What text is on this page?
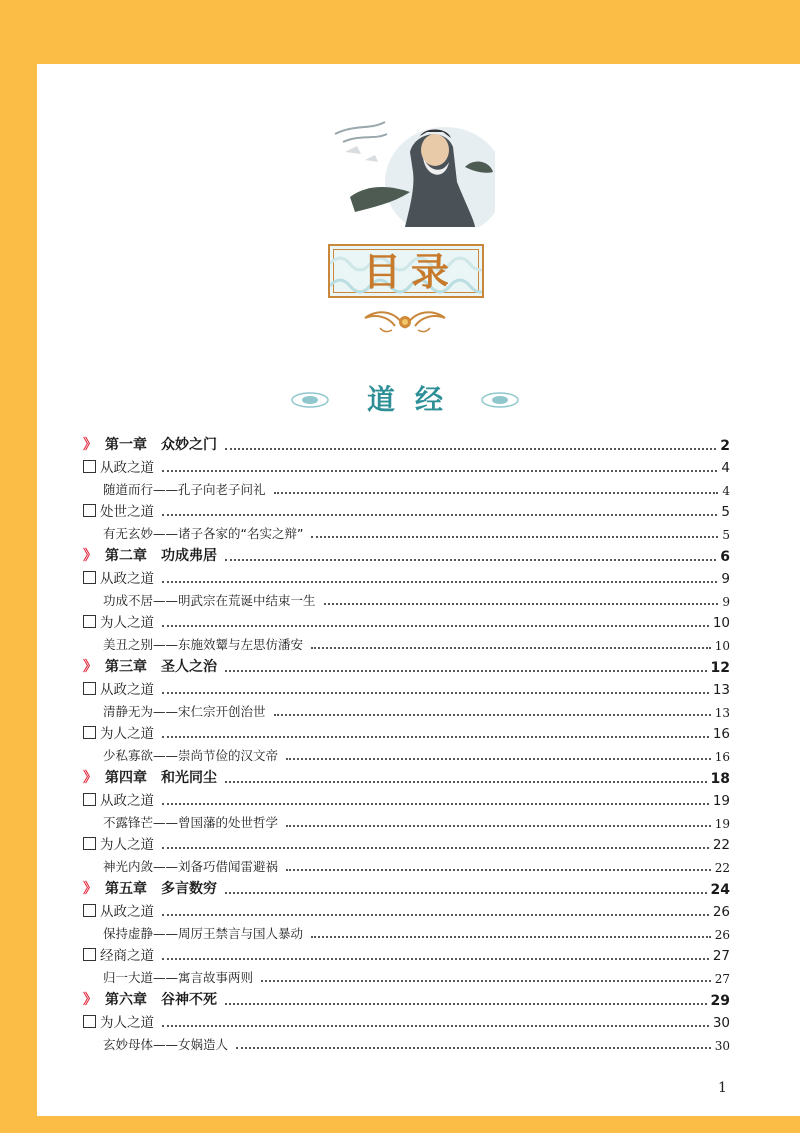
目录
道经
》 第一章 众妙之门	2
从政之道	4
随道而行——孔子向老子问礼	4
处世之道	5
有无玄妙——诸子各家的“名实之辩”	5
》 第二章 功成弗居	6
从政之道	9
功成不居——明武宗在荒诞中结束一生	9
为人之道	10
美丑之别——东施效颦与左思仿潘安	10
》 第三章 圣人之治	12
从政之道	13
清静无为——宋仁宗开创治世	13
为人之道	16
少私寡欲——崇尚节俭的汉文帝	16
》 第四章 和光同尘	18
从政之道	19
不露锋芒——曾国藩的处世哲学	19
为人之道	22
神光内敛——刘备巧借闻雷避祸	22
》 第五章 多言数穷	24
从政之道	26
保持虚静——周厉王禁言与国人暴动	26
经商之道	27
归一大道——寓言故事两则	27
》 第六章 谷神不死	29
为人之道	30
玄妙母体——女娲造人	30
1
